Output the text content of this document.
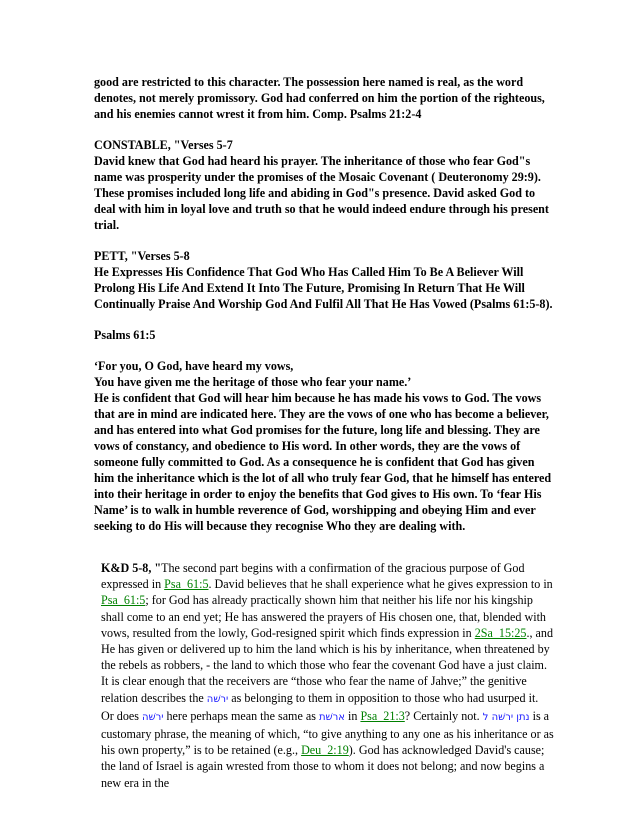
good are restricted to this character. The possession here named is real, as the word denotes, not merely promissory. God had conferred on him the portion of the righteous, and his enemies cannot wrest it from him. Comp. Psalms 21:2-4

CONSTABLE, "Verses 5-7

David knew that God had heard his prayer. The inheritance of those who fear God"s name was prosperity under the promises of the Mosaic Covenant ( Deuteronomy 29:9). These promises included long life and abiding in God"s presence. David asked God to deal with him in loyal love and truth so that he would indeed endure through his present trial.

PETT, "Verses 5-8

He Expresses His Confidence That God Who Has Called Him To Be A Believer Will Prolong His Life And Extend It Into The Future, Promising In Return That He Will Continually Praise And Worship God And Fulfil All That He Has Vowed (Psalms 61:5-8).

Psalms 61:5

‘For you, O God, have heard my vows,

You have given me the heritage of those who fear your name.’

He is confident that God will hear him because he has made his vows to God. The vows that are in mind are indicated here. They are the vows of one who has become a believer, and has entered into what God promises for the future, long life and blessing. They are vows of constancy, and obedience to His word. In other words, they are the vows of someone fully committed to God. As a consequence he is confident that God has given him the inheritance which is the lot of all who truly fear God, that he himself has entered into their heritage in order to enjoy the benefits that God gives to His own. To ‘fear His Name’ is to walk in humble reverence of God, worshipping and obeying Him and ever seeking to do His will because they recognise Who they are dealing with.

K&D 5-8, "The second part begins with a confirmation of the gracious purpose of God expressed in Psa_61:5. David believes that he shall experience what he gives expression to in Psa_61:5; for God has already practically shown him that neither his life nor his kingship shall come to an end yet; He has answered the prayers of His chosen one, that, blended with vows, resulted from the lowly, God-resigned spirit which finds expression in 2Sa_15:25., and He has given or delivered up to him the land which is his by inheritance, when threatened by the rebels as robbers, - the land to which those who fear the covenant God have a just claim. It is clear enough that the receivers are “those who fear the name of Jahve;” the genitive relation describes the ירשּׁה as belonging to them in opposition to those who had usurped it. Or does ירשּׁה here perhaps mean the same as ארשׁת in Psa_21:3? Certainly not. נתן ירשּׁה ל is a customary phrase, the meaning of which, “to give anything to any one as his inheritance or as his own property,” is to be retained (e.g., Deu_2:19). God has acknowledged David's cause; the land of Israel is again wrested from those to whom it does not belong; and now begins a new era in the
